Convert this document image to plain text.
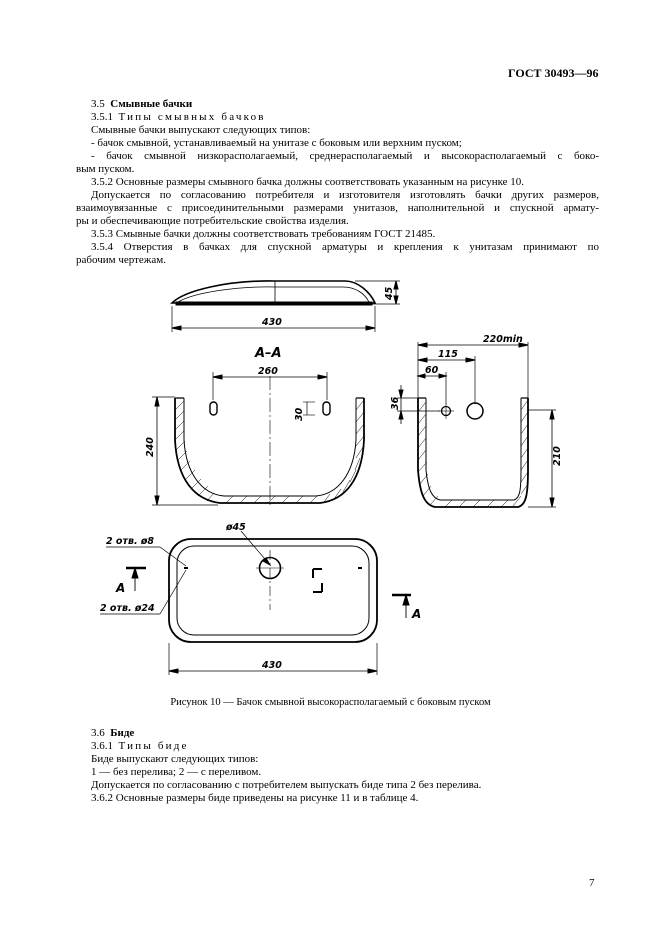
ГОСТ 30493—96
3.5 Смывные бачки
3.5.1 Типы смывных бачков
Смывные бачки выпускают следующих типов:
- бачок смывной, устанавливаемый на унитазе с боковым или верхним пуском;
- бачок смывной низкорасполагаемый, среднерасполагаемый и высокорасполагаемый с боко-
вым пуском.
3.5.2 Основные размеры смывного бачка должны соответствовать указанным на рисунке 10.
Допускается по согласованию потребителя и изготовителя изготовлять бачки других размеров,
взаимоувязанные с присоединительными размерами унитазов, наполнительной и спускной армату-
ры и обеспечивающие потребительские свойства изделия.
3.5.3 Смывные бачки должны соответствовать требованиям ГОСТ 21485.
3.5.4 Отверстия в бачках для спускной арматуры и крепления к унитазам принимают по
рабочим чертежам.
45
430
220min
А–А
260
115
60
30
36
240	210
ø45
2 отв. ø8
2 отв. ø24
А
А
430
Рисунок 10 — Бачок смывной высокорасполагаемый с боковым пуском
3.6 Биде
3.6.1 Типы биде
Биде выпускают следующих типов:
1 — без перелива; 2 — с переливом.
Допускается по согласованию с потребителем выпускать биде типа 2 без перелива.
3.6.2 Основные размеры биде приведены на рисунке 11 и в таблице 4.
7
